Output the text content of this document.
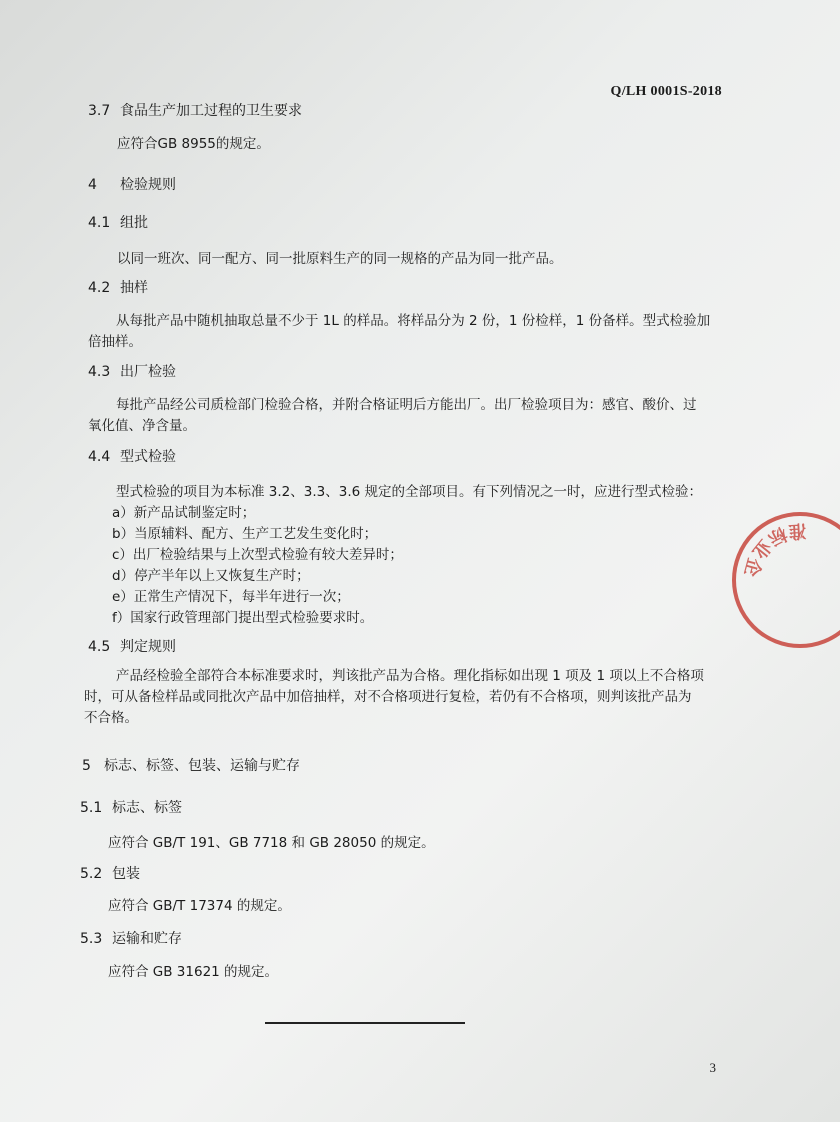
Q/LH 0001S-2018
3.7 食品生产加工过程的卫生要求
应符合GB 8955的规定。
4 检验规则
4.1 组批
以同一班次、同一配方、同一批原料生产的同一规格的产品为同一批产品。
4.2 抽样
从每批产品中随机抽取总量不少于 1L 的样品。将样品分为 2 份，1 份检样，1 份备样。型式检验加
倍抽样。
4.3 出厂检验
每批产品经公司质检部门检验合格，并附合格证明后方能出厂。出厂检验项目为：感官、酸价、过
氧化值、净含量。
4.4 型式检验
型式检验的项目为本标准 3.2、3.3、3.6 规定的全部项目。有下列情况之一时，应进行型式检验：
a）新产品试制鉴定时；
b）当原辅料、配方、生产工艺发生变化时；
c）出厂检验结果与上次型式检验有较大差异时；
d）停产半年以上又恢复生产时；
e）正常生产情况下，每半年进行一次；
f）国家行政管理部门提出型式检验要求时。
4.5 判定规则
产品经检验全部符合本标准要求时，判该批产品为合格。理化指标如出现 1 项及 1 项以上不合格项
时，可从备检样品或同批次产品中加倍抽样，对不合格项进行复检，若仍有不合格项，则判该批产品为
不合格。
5 标志、标签、包装、运输与贮存
5.1 标志、标签
应符合 GB/T 191、GB 7718 和 GB 28050 的规定。
5.2 包装
应符合 GB/T 17374 的规定。
5.3 运输和贮存
应符合 GB 31621 的规定。
3
企
业
标
准
